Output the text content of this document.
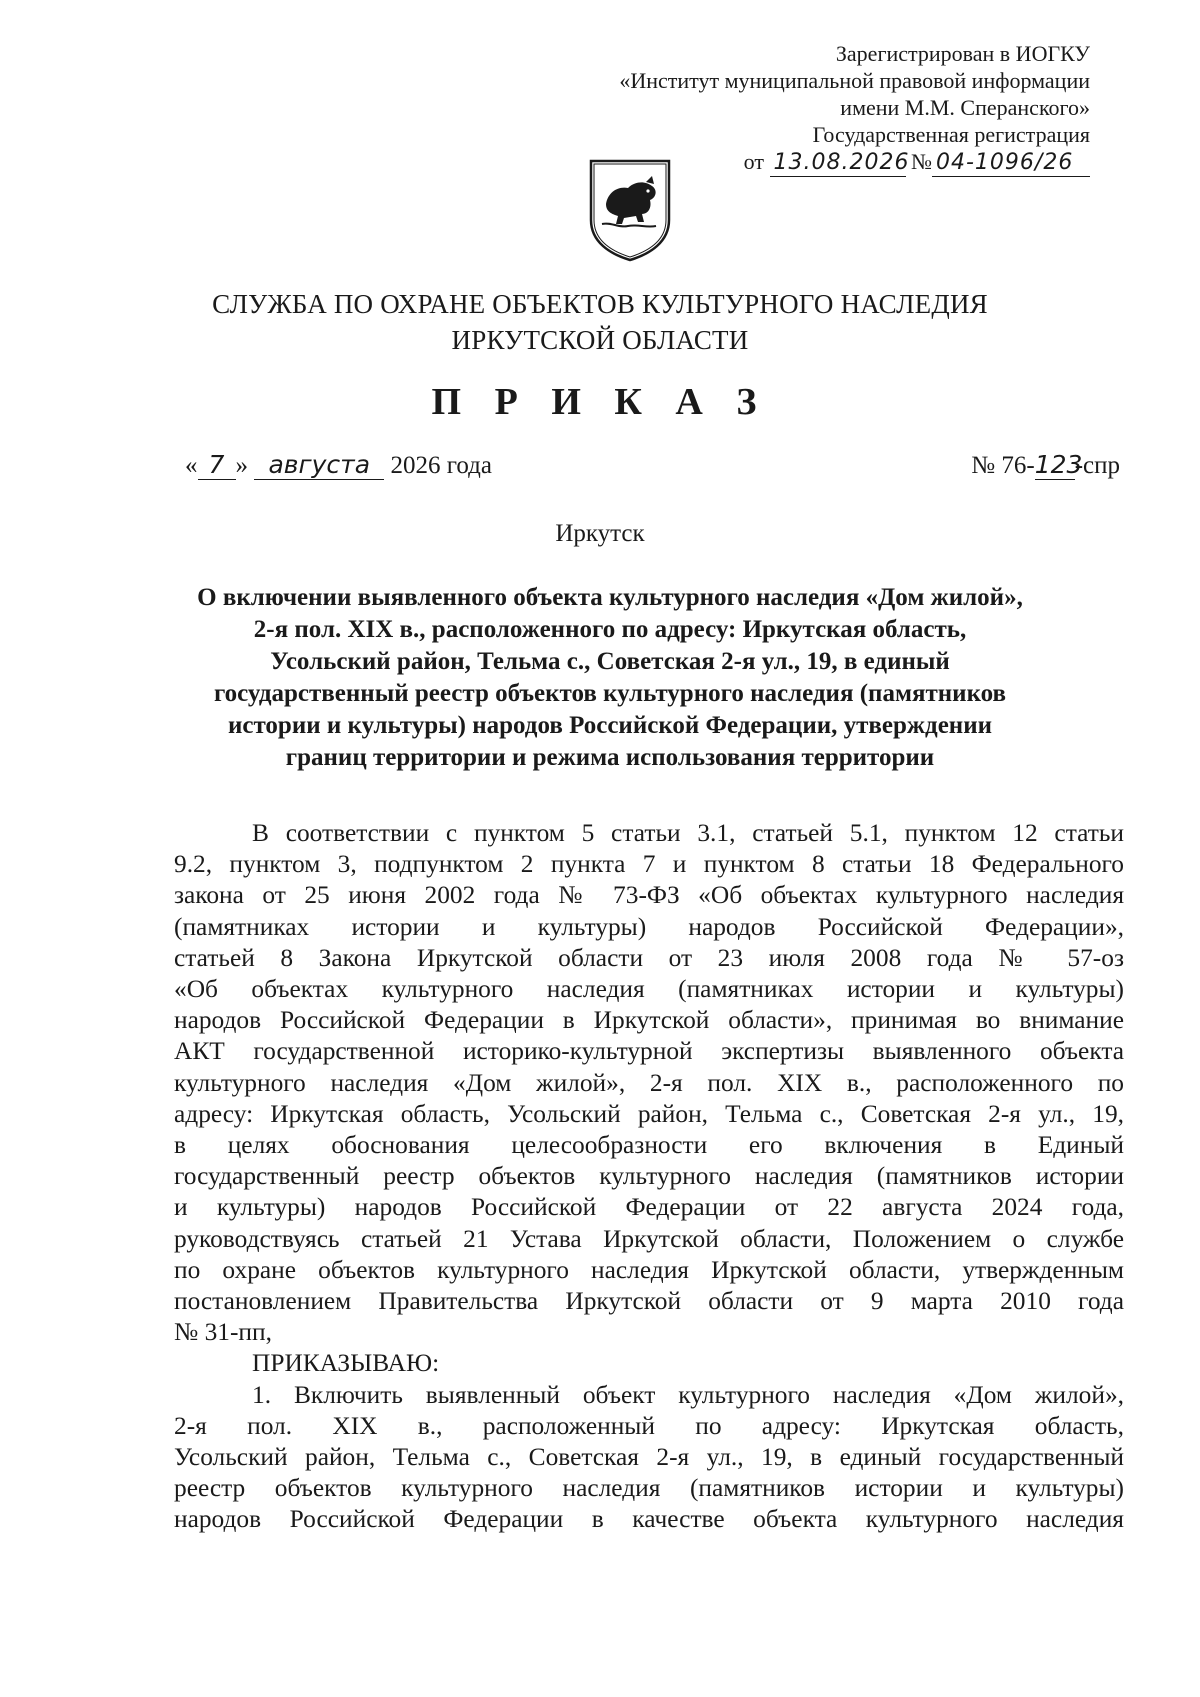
Зарегистрирован в ИОГКУ
«Институт муниципальной правовой информации
имени М.М. Сперанского»
Государственная регистрация
от 13.08.2026 № 04-1096/26
СЛУЖБА ПО ОХРАНЕ ОБЪЕКТОВ КУЛЬТУРНОГО НАСЛЕДИЯ
ИРКУТСКОЙ ОБЛАСТИ
П Р И К А З
« 7 » августа 2026 года	№ 76-123-спр
Иркутск
О включении выявленного объекта культурного наследия «Дом жилой»,
2-я пол. XIX в., расположенного по адресу: Иркутская область,
Усольский район, Тельма с., Советская 2-я ул., 19, в единый
государственный реестр объектов культурного наследия (памятников
истории и культуры) народов Российской Федерации, утверждении
границ территории и режима использования территории
В соответствии с пунктом 5 статьи 3.1, статьей 5.1, пунктом 12 статьи
9.2, пунктом 3, подпунктом 2 пункта 7 и пунктом 8 статьи 18 Федерального
закона от 25 июня 2002 года № 73-ФЗ «Об объектах культурного наследия
(памятниках истории и культуры) народов Российской Федерации»,
статьей 8 Закона Иркутской области от 23 июля 2008 года № 57-оз
«Об объектах культурного наследия (памятниках истории и культуры)
народов Российской Федерации в Иркутской области», принимая во внимание
АКТ государственной историко-культурной экспертизы выявленного объекта
культурного наследия «Дом жилой», 2-я пол. XIX в., расположенного по
адресу: Иркутская область, Усольский район, Тельма с., Советская 2-я ул., 19,
в целях обоснования целесообразности его включения в Единый
государственный реестр объектов культурного наследия (памятников истории
и культуры) народов Российской Федерации от 22 августа 2024 года,
руководствуясь статьей 21 Устава Иркутской области, Положением о службе
по охране объектов культурного наследия Иркутской области, утвержденным
постановлением Правительства Иркутской области от 9 марта 2010 года
№ 31-пп,
ПРИКАЗЫВАЮ:
1. Включить выявленный объект культурного наследия «Дом жилой»,
2-я пол. XIX в., расположенный по адресу: Иркутская область,
Усольский район, Тельма с., Советская 2-я ул., 19, в единый государственный
реестр объектов культурного наследия (памятников истории и культуры)
народов Российской Федерации в качестве объекта культурного наследия
